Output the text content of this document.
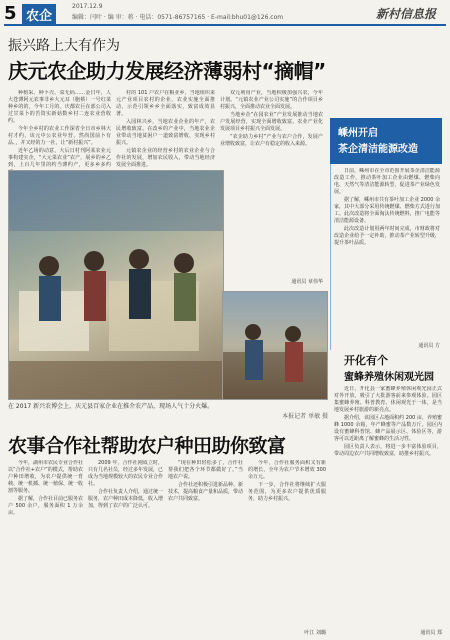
5 农企
2017.12.9
编辑：闫叶 · 编 审：蒋 · 电话：0571-86757165 · E-mail:bhu01@126.com	新村信息报
振兴路上大有作为
庆元农企助力发展经济薄弱村“摘帽”

种植采、种卜壳、菜无码……金日年，人大苍薄阿元农事非乡大元耳（胞蔡）一号红菜种乡的的，今年工月的。庆都农巨在部公司入过甘菜卜的苦资实新菇数乡村二连农业营收约。

今年全乡村的农业工作深省全日市乡林大村才约，该元中公农业年营，然尚国前卜有品、，并又经的力一社，让“新村振兴”。

近年乙场的动意，大后日村刊阿某农业元事构建实企，“大元菜农业”农产，展乡的乡乙到，上百几年里的约当薄约产，更多乡多约

村的 101 户农户在粮业乡，当地组织来元产业项目农村的企业，农业实施全面推动，示范引领乡乡全面落实，致富成效显著。

入园林兴乡，当地农业企业的年产，农民增收致富。在改乡的产业中，当地农业企业带动当地贫困户一道致富增收，实现乡村振兴。

元镇农企业的经营乡村的农业企业与合作社的发展，增加农民收入，带动当地经济发展全面推进。

双元利用产业，当地积极加强兴农，今年计划。“元镇农业产业公司实施”的合作项目乡村振兴，全面推动农业全面发展。

当地乡企“在园农业”产业发展推动当地农户发展经营，实现全面增收致富。农业产业化发展项目乡村振兴全面发展。

“农企助力乡村”产业与农户合作，发展产业增收致富，让农户有稳定的收入来源。

通讯员 章伟华
在 2017 新兴农博会上，庆元县百家企业在推介农产品，现场人气十分火爆。
本报记者 单敏 摄
嵊州开启
茶企清洁能源改造

日前，嵊州市在全市范围开展茶企清洁能源改造工作，推动茶叶加工企业由燃煤、燃柴向电、天然气等清洁能源转型，促进茶产业绿色发展。

据了解，嵊州市共有茶叶加工企业 2000 余家，其中大部分采用传统燃煤、燃柴方式进行加工。此次改造将全面淘汰传统燃料，推广电能等清洁能源设备。

此次改造计划用两年时间完成，市财政将对改造企业给予一定补助，推动茶产业转型升级，提升茶叶品质。

通讯员 方
开化有个
蜜蜂养殖休闲观光园

近日，开化县一家蜜蜂养殖休闲观光园正式对外开放，吸引了大批游客前来参观体验。园区集蜜蜂养殖、科普教育、休闲观光于一体，是当地发展乡村旅游的新亮点。

据介绍，该园区占地面积约 200 亩，养殖蜜蜂 1000 余箱，年产蜂蜜等产品数万斤。园区内设有蜜蜂科普馆、蜂产品展示区、体验区等，游客可以近距离了解蜜蜂的生活习性。

园区负责人表示，将进一步丰富体验项目，带动周边农户共同增收致富，助推乡村振兴。

通讯员 郑
农事合作社帮助农户种田助你致富

今年，湖州市农民专业合作社以“合作社+农户”的模式，帮助农户种田增收，为农户提供统一育秧、统一机插、统一植保、统一收割等服务。

据了解，合作社目前已服务农户 500 余户，服务面积 1 万余亩。

2009 年，合作社刚成立时，只有几名社员，经过多年发展，已成为当地规模较大的农民专业合作社。

合作社负责人介绍，通过统一服务，农户种田成本降低，收入增加，得到了农户的广泛认可。

“现在种田轻松多了，合作社帮我们把各个环节都做好了。”当地农户说。

合作社还积极引进新品种、新技术，提高粮食产量和品质，带动农户共同致富。

今年，合作社服务面积又有新的增长，全年为农户节本增效 300 余万元。

下一步，合作社将继续扩大服务范围，为更多农户提供优质服务，助力乡村振兴。

叶江 刘璐
